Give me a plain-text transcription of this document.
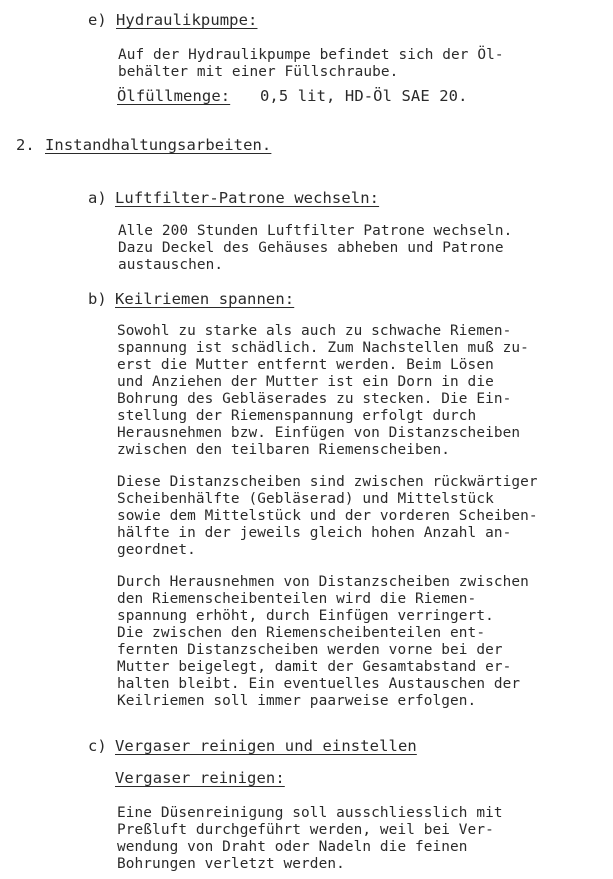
e) Hydraulikpumpe:
Auf der Hydraulikpumpe befindet sich der Öl-
behälter mit einer Füllschraube.
Ölfüllmenge: 0,5 lit, HD-Öl SAE 20.
2. Instandhaltungsarbeiten.
a) Luftfilter-Patrone wechseln:
Alle 200 Stunden Luftfilter Patrone wechseln.
Dazu Deckel des Gehäuses abheben und Patrone
austauschen.
b) Keilriemen spannen:
Sowohl zu starke als auch zu schwache Riemen-
spannung ist schädlich. Zum Nachstellen muß zu-
erst die Mutter entfernt werden. Beim Lösen
und Anziehen der Mutter ist ein Dorn in die
Bohrung des Gebläserades zu stecken. Die Ein-
stellung der Riemenspannung erfolgt durch
Herausnehmen bzw. Einfügen von Distanzscheiben
zwischen den teilbaren Riemenscheiben.
Diese Distanzscheiben sind zwischen rückwärtiger
Scheibenhälfte (Gebläserad) und Mittelstück
sowie dem Mittelstück und der vorderen Scheiben-
hälfte in der jeweils gleich hohen Anzahl an-
geordnet.
Durch Herausnehmen von Distanzscheiben zwischen
den Riemenscheibenteilen wird die Riemen-
spannung erhöht, durch Einfügen verringert.
Die zwischen den Riemenscheibenteilen ent-
fernten Distanzscheiben werden vorne bei der
Mutter beigelegt, damit der Gesamtabstand er-
halten bleibt. Ein eventuelles Austauschen der
Keilriemen soll immer paarweise erfolgen.
c) Vergaser reinigen und einstellen
Vergaser reinigen:
Eine Düsenreinigung soll ausschliesslich mit
Preßluft durchgeführt werden, weil bei Ver-
wendung von Draht oder Nadeln die feinen
Bohrungen verletzt werden.
